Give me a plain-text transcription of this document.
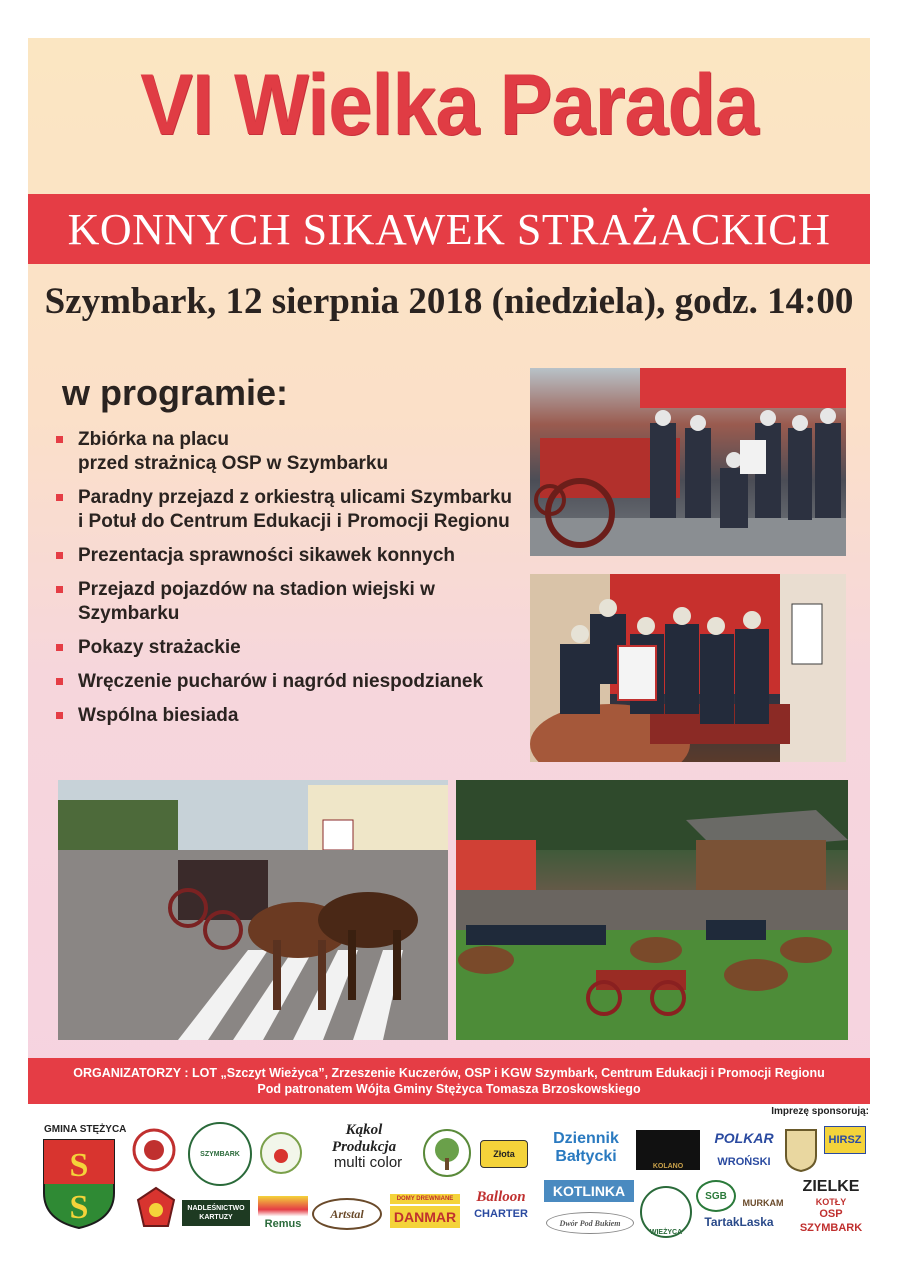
VI Wielka Parada
KONNYCH SIKAWEK STRAŻACKICH
Szymbark, 12 sierpnia 2018 (niedziela), godz. 14:00
w programie:
Zbiórka na placu
przed strażnicą OSP w Szymbarku
Paradny przejazd z orkiestrą ulicami Szymbarku
i Potuł do Centrum Edukacji i Promocji Regionu
Prezentacja sprawności sikawek konnych
Przejazd pojazdów na stadion wiejski w Szymbarku
Pokazy strażackie
Wręczenie pucharów i nagród niespodzianek
Wspólna biesiada
ORGANIZATORZY : LOT „Szczyt Wieżyca”, Zrzeszenie Kuczerów, OSP i KGW Szymbark, Centrum Edukacji i Promocji Regionu
Pod patronatem Wójta Gminy Stężyca Tomasza Brzoskowskiego
Imprezę sponsorują:
GMINA STĘŻYCA
S
S
SZYMBARK
Kąkol Produkcja
multi color	Złota
Dziennik
Bałtycki
KOLANO
POLKAR
WROŃSKI
HIRSZ
NADLEŚNICTWO
KARTUZY
Remus
Artstal
DOMY DREWNIANE
DANMAR
Balloon
CHARTER
KOTLINKA
Dwór Pod Bukiem
WIEŻYCA
SGB
MURKAM
TartakLaska
ZIELKE
KOTŁY
OSP
SZYMBARK
